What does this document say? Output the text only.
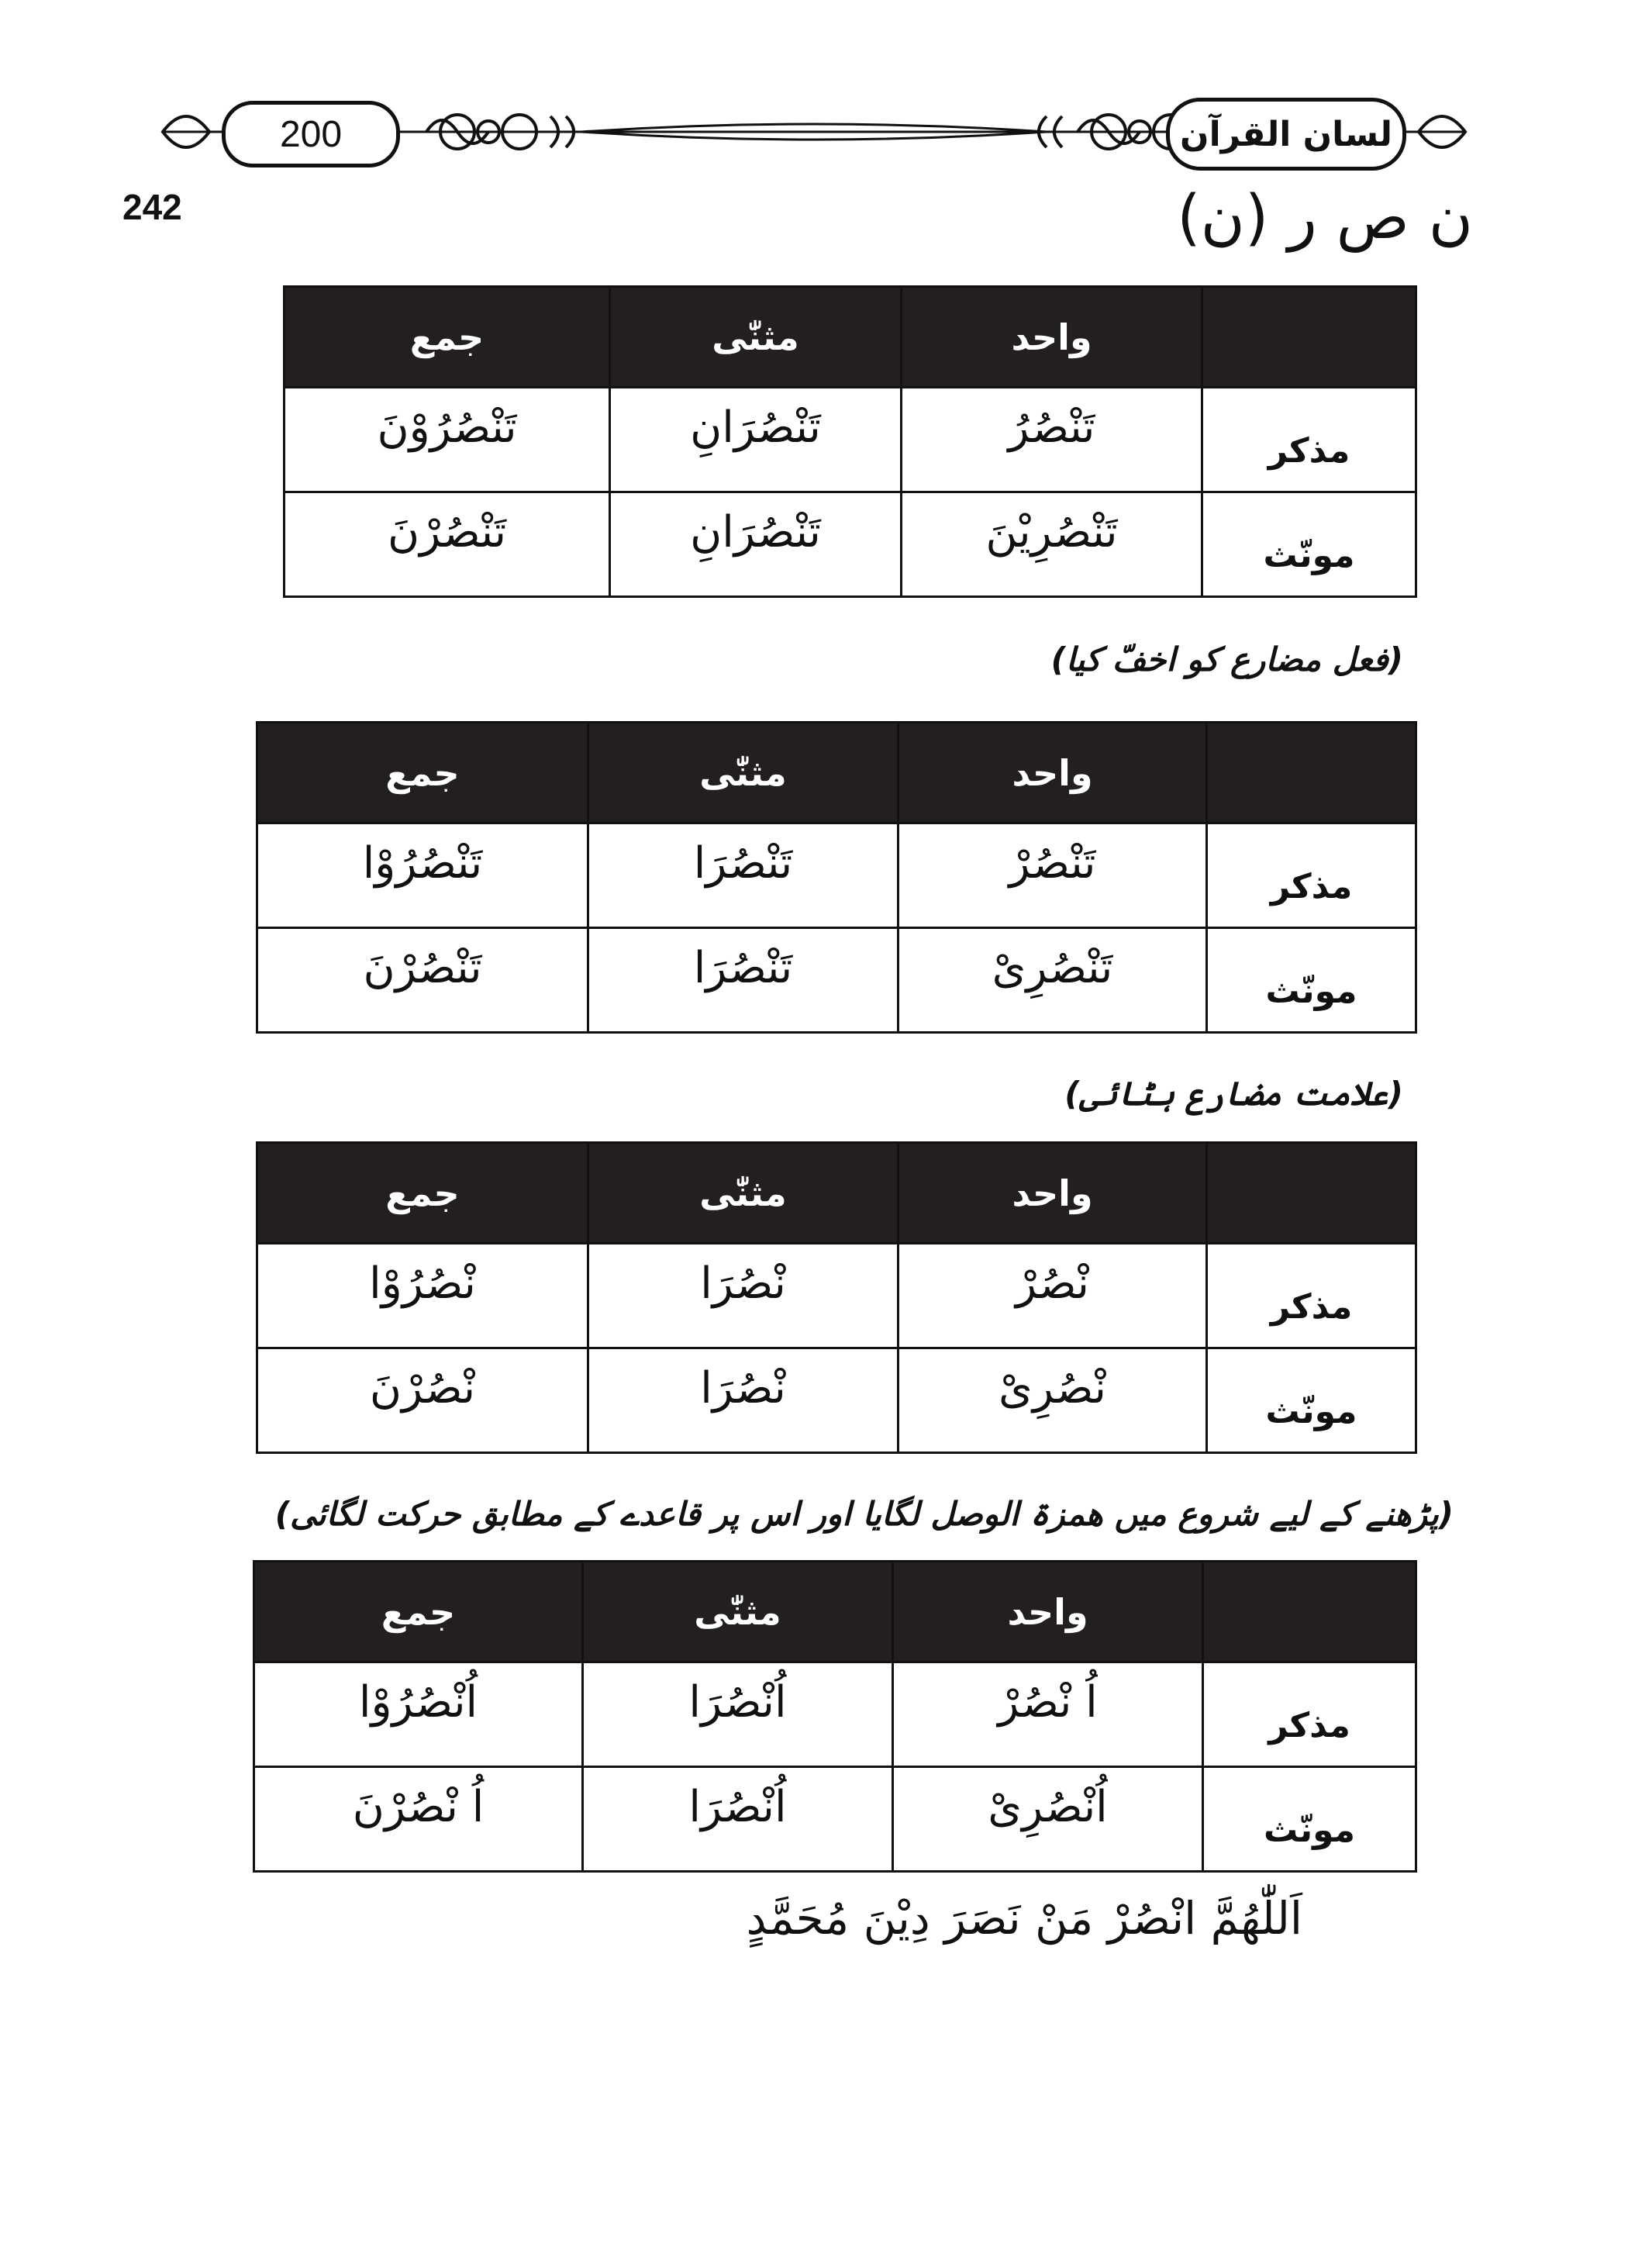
200	لسان القرآن
242	ن ص ر (ن)
	واحد	مثنّٰی	جمع
مذکر	تَنْصُرُ	تَنْصُرَانِ	تَنْصُرُوْنَ
مونّث	تَنْصُرِيْنَ	تَنْصُرَانِ	تَنْصُرْنَ
(فعل مضارع کو اخفّ کیا)
	واحد	مثنّٰی	جمع
مذکر	تَنْصُرْ	تَنْصُرَا	تَنْصُرُوْا
مونّث	تَنْصُرِیْ	تَنْصُرَا	تَنْصُرْنَ
(علامت مضارع ہٹائی)
	واحد	مثنّٰی	جمع
مذکر	نْصُرْ	نْصُرَا	نْصُرُوْا
مونّث	نْصُرِیْ	نْصُرَا	نْصُرْنَ
(پڑھنے کے لیے شروع میں ھمزۃ الوصل لگایا اور اس پر قاعدے کے مطابق حرکت لگائی)
	واحد	مثنّٰی	جمع
مذکر	اُ نْصُرْ	اُنْصُرَا	اُنْصُرُوْا
مونّث	اُنْصُرِیْ	اُنْصُرَا	اُ نْصُرْنَ
اَللّٰهُمَّ انْصُرْ مَنْ نَصَرَ دِيْنَ مُحَمَّدٍ
